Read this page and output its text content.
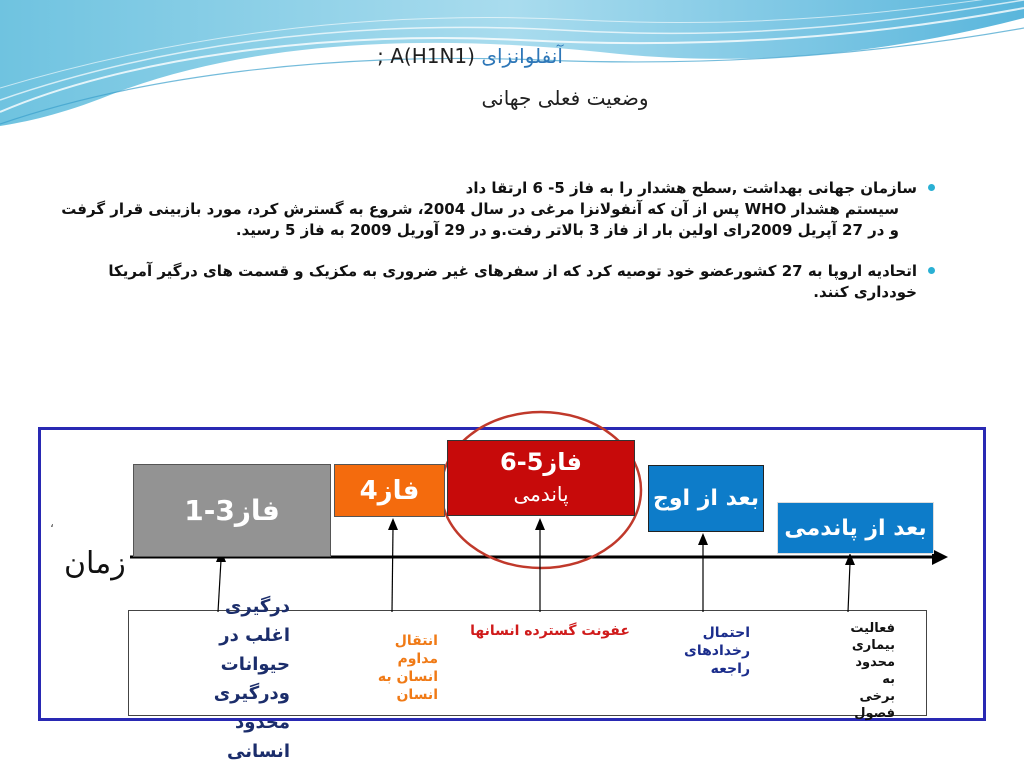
آنفلوانزای A(H1N1) ;
وضعیت فعلی جهانی

سازمان جهانی بهداشت ,سطح هشدار را به فاز 5- 6 ارتقا داد

سیستم هشدار WHO پس از آن که آنفولانزا مرغی در سال 2004، شروع به گسترش کرد، مورد بازبینی قرار گرفت و در 27 آپریل 2009رای اولین بار از فاز 3 بالاتر رفت.و در 29 آوریل 2009 به فاز 5 رسید.

اتحادیه اروپا به 27 کشورعضو خود توصیه کرد که از سفرهای غیر ضروری به مکزیک و قسمت های درگیر آمریکا خودداری کنند.

فاز3-1
فاز4
فاز5-6
پاندمی	بعد از اوج
بعد از پاندمی
زمان
،
درگیری
اغلب در
حیوانات
ودرگیری
محدود
انسانی
انتقال
مداوم
انسان به
انسان
عفونت گسترده انسانها	احتمال
رخدادهای
راجعه
فعالیت
بیماری
محدود
به
برخی
فصول
